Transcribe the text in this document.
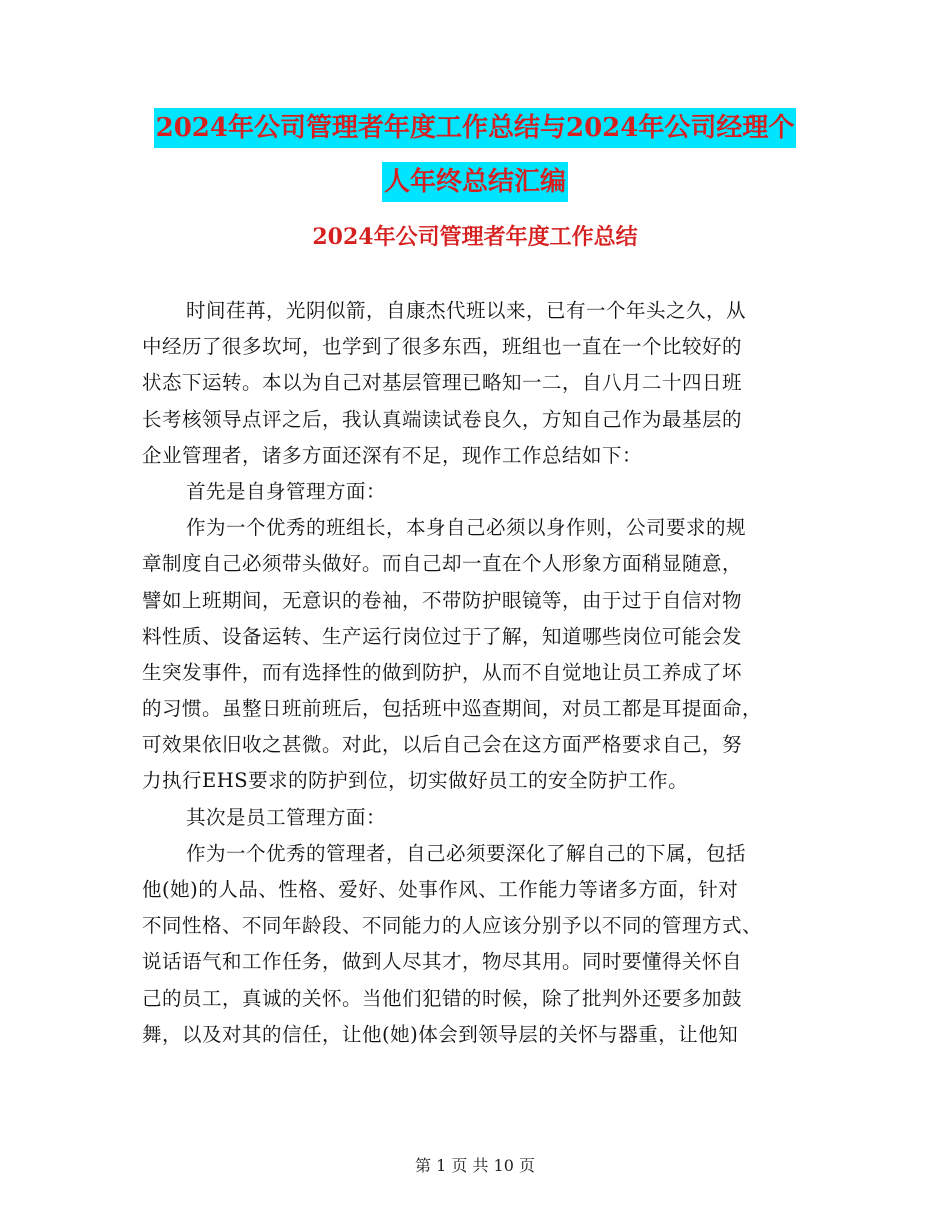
2024年公司管理者年度工作总结与2024年公司经理个
人年终总结汇编
2024年公司管理者年度工作总结
时间荏苒，光阴似箭，自康杰代班以来，已有一个年头之久，从
中经历了很多坎坷，也学到了很多东西，班组也一直在一个比较好的
状态下运转。本以为自己对基层管理已略知一二，自八月二十四日班
长考核领导点评之后，我认真端读试卷良久，方知自己作为最基层的
企业管理者，诸多方面还深有不足，现作工作总结如下：
首先是自身管理方面：
作为一个优秀的班组长，本身自己必须以身作则，公司要求的规
章制度自己必须带头做好。而自己却一直在个人形象方面稍显随意，
譬如上班期间，无意识的卷袖，不带防护眼镜等，由于过于自信对物
料性质、设备运转、生产运行岗位过于了解，知道哪些岗位可能会发
生突发事件，而有选择性的做到防护，从而不自觉地让员工养成了坏
的习惯。虽整日班前班后，包括班中巡查期间，对员工都是耳提面命，
可效果依旧收之甚微。对此，以后自己会在这方面严格要求自己，努
力执行EHS要求的防护到位，切实做好员工的安全防护工作。
其次是员工管理方面：
作为一个优秀的管理者，自己必须要深化了解自己的下属，包括
他(她)的人品、性格、爱好、处事作风、工作能力等诸多方面，针对
不同性格、不同年龄段、不同能力的人应该分别予以不同的管理方式、
说话语气和工作任务，做到人尽其才，物尽其用。同时要懂得关怀自
己的员工，真诚的关怀。当他们犯错的时候，除了批判外还要多加鼓
舞，以及对其的信任，让他(她)体会到领导层的关怀与器重，让他知
第 1 页 共 10 页
